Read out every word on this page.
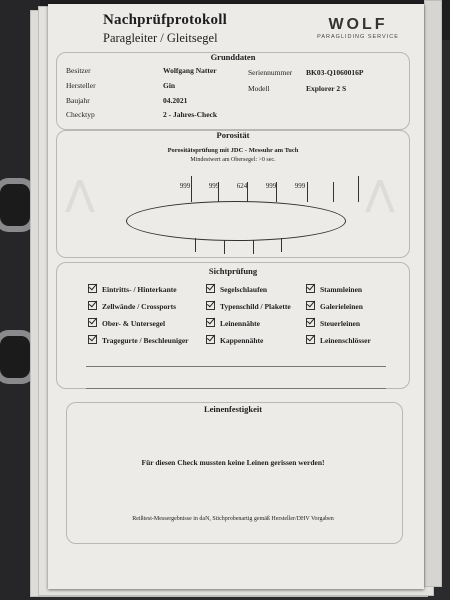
Nachprüfprotokoll
Paragleiter / Gleitsegel
WOLF
PARAGLIDING SERVICE
Grunddaten
Besitzer	Wolfgang Natter
Hersteller	Gin
Baujahr	04.2021
Checktyp	2 - Jahres-Check
Seriennummer BK03-Q1060016P
Modell	Explorer 2 S
Porosität
Porositätsprüfung mit JDC - Messuhr am Tuch
Mindestwert am Obersegel: >0 sec.
⋀	⋀
999	999	624	999	999
Sichtprüfung
Eintritts- / Hinterkante
Zellwände / Crossports
Ober- & Untersegel
Tragegurte / Beschleuniger
Segelschlaufen
Typenschild / Plakette
Leinennähte
Kappennähte
Stammleinen
Galerieleinen
Steuerleinen
Leinenschlösser
Leinenfestigkeit
Für diesen Check mussten keine Leinen gerissen werden!
Reißtest-Messergebnisse in daN, Stichprobenartig gemäß Hersteller/DHV Vorgaben
